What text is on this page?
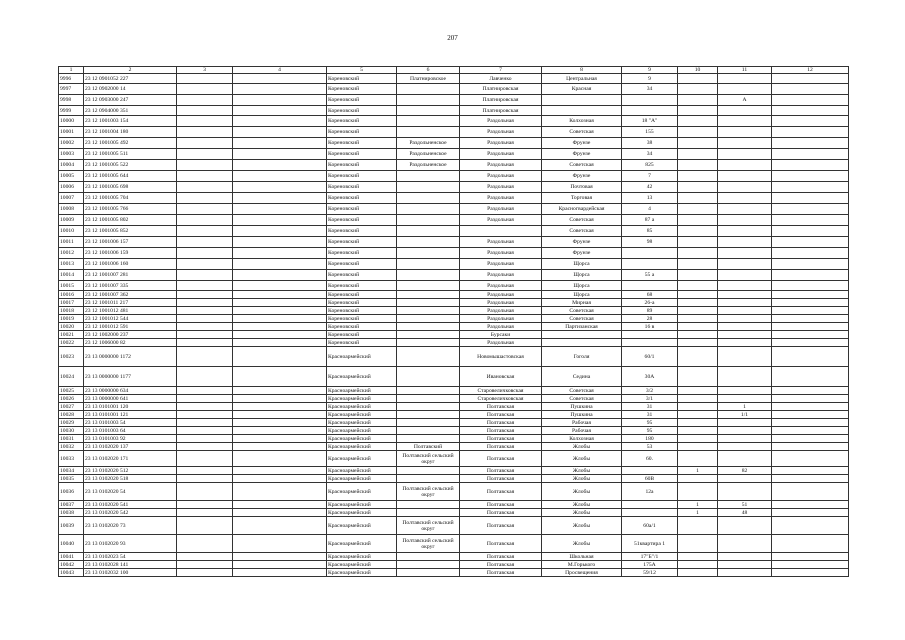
207
1	2	3	4	5	6	7	8	9	10	11	12
9996	23 12 0901052 227			Кореновский	Платнировское	Лавченко	Центральная	9			
9997	23 12 0902000 14			Кореновский		Платнировская	Красная	34			
9998	23 12 0903000 247			Кореновский		Платнировская				А	
9999	23 12 0904000 351			Кореновский		Платнировская					
10000	23 12 1001003 154			Кореновский		Раздольная	Колхозная	18 "А"			
10001	23 12 1001004 180			Кореновский		Раздольная	Советская	155			
10002	23 12 1001005 492			Кореновский	Раздольненское	Раздольная	Фрунзе	38			
10003	23 12 1001005 511			Кореновский	Раздольненское	Раздольная	Фрунзе	34			
10004	23 12 1001005 522			Кореновский	Раздольненское	Раздольная	Советская	825			
10005	23 12 1001005 644			Кореновский		Раздольная	Фрунзе	7			
10006	23 12 1001005 698			Кореновский		Раздольная	Почтовая	42			
10007	23 12 1001005 704			Кореновский		Раздольная	Торговая	13			
10008	23 12 1001005 766			Кореновский		Раздольная	Красногвардейская	4			
10009	23 12 1001005 802			Кореновский		Раздольная	Советская	87 а			
10010	23 12 1001005 852			Кореновский			Советская	85			
10011	23 12 1001006 157			Кореновский		Раздольная	Фрунзе	98			
10012	23 12 1001006 159			Кореновский		Раздольная	Фрунзе				
10013	23 12 1001006 160			Кореновский		Раздольная	Щорса				
10014	23 12 1001007 281			Кореновский		Раздольная	Щорса	55 а			
10015	23 12 1001007 335			Кореновский		Раздольная	Щорса				
10016	23 12 1001007 362			Кореновский		Раздольная	Щорса	68			
10017	23 12 1001011 217			Кореновский		Раздольная	Мирная	26-а			
10018	23 12 1001012 481			Кореновский		Раздольная	Советская	89			
10019	23 12 1001012 544			Кореновский		Раздольная	Советская	28			
10020	23 12 1001012 591			Кореновский		Раздольная	Партизанская	16 в			
10021	23 12 1002000 237			Кореновский		Бурсаки					
10022	23 12 1006000 82			Кореновский		Раздольная					
10023	23 13 0000000 1172			Красноармейский		Новомышастовская	Гоголя	60/1			
10024	23 13 0000000 1177			Красноармейский		Ивановская	Седина	30А			
10025	23 13 0000000 634			Красноармейский		Старовеличковская	Советская	3/2			
10026	23 13 0000000 641			Красноармейский		Старовеличковская	Советская	3/1			
10027	23 13 0101001 120			Красноармейский		Полтавская	Пушкина	31		1	
10028	23 13 0101001 121			Красноармейский		Полтавская	Пушкина	31		1/1	
10029	23 13 0101003 54			Красноармейский		Полтавская	Рабочая	95			
10030	23 13 0101003 64			Красноармейский		Полтавская	Рабочая	95			
10031	23 13 0101003 92			Красноармейский		Полтавская	Колхозная	180			
10032	23 13 0102020 137			Красноармейский	Полтавский	Полтавская	Жлобы	53			
10033	23 13 0102020 171			Красноармейский	Полтавский сельский округ	Полтавская	Жлобы	60.			
10034	23 13 0102020 512			Красноармейский		Полтавская	Жлобы		1	82	
10035	23 13 0102020 518			Красноармейский		Полтавская	Жлобы	60В			
10036	23 13 0102020 54			Красноармейский	Полтавский сельский округ	Полтавская	Жлобы	12а			
10037	23 13 0102020 541			Красноармейский		Полтавская	Жлобы		1	51	
10038	23 13 0102020 542			Красноармейский		Полтавская	Жлобы		1	48	
10039	23 13 0102020 73			Красноармейский	Полтавский сельский округ	Полтавская	Жлобы	60а/1			
10040	23 13 0102020 93			Красноармейский	Полтавский сельский округ	Полтавская	Жлобы	51квартира 1			
10041	23 13 0102023 54			Красноармейский		Полтавская	Школьная	17"Б"/1			
10042	23 13 0102028 141			Красноармейский		Полтавская	М.Горького	175А			
10043	23 13 0102032 100			Красноармейский		Полтавская	Просвещения	59/12			
